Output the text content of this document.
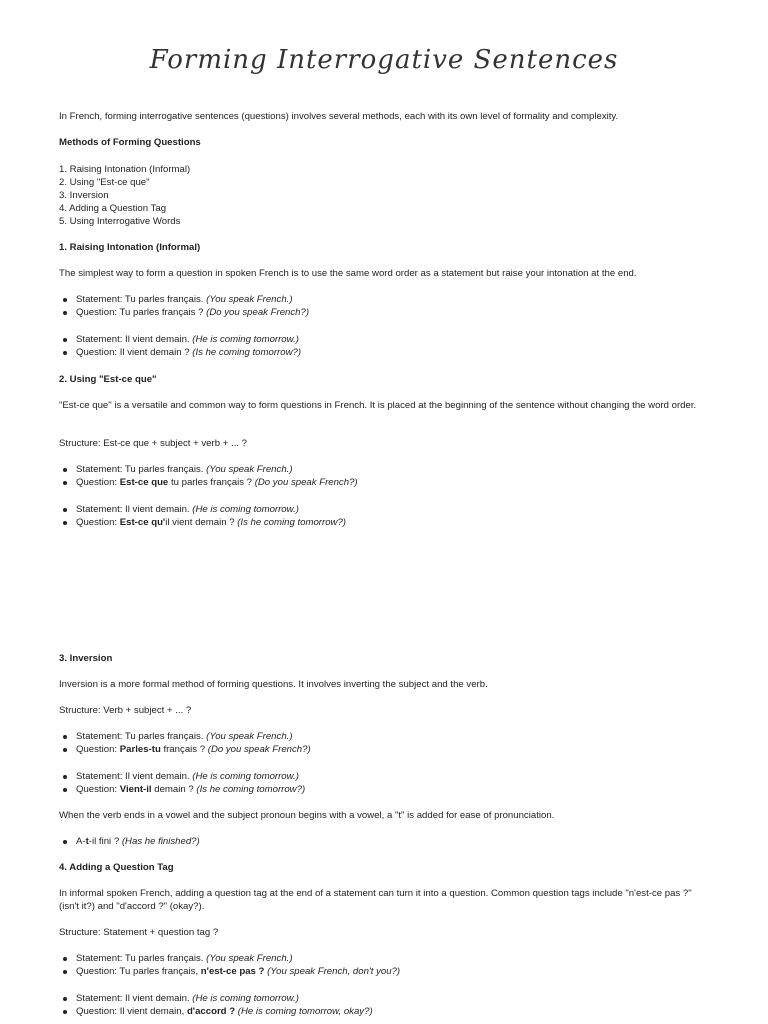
Forming Interrogative Sentences

In French, forming interrogative sentences (questions) involves several methods, each with its own level of formality and complexity.

Methods of Forming Questions

1. Raising Intonation (Informal)
2. Using "Est-ce que"
3. Inversion
4. Adding a Question Tag
5. Using Interrogative Words

1. Raising Intonation (Informal)

The simplest way to form a question in spoken French is to use the same word order as a statement but raise your intonation at the end.

Statement: Tu parles français. (You speak French.)
Question: Tu parles français ? (Do you speak French?)
Statement: Il vient demain. (He is coming tomorrow.)
Question: Il vient demain ? (Is he coming tomorrow?)

2. Using "Est-ce que"

"Est-ce que" is a versatile and common way to form questions in French. It is placed at the beginning of the sentence without changing the word order.

Structure: Est-ce que + subject + verb + ... ?

Statement: Tu parles français. (You speak French.)
Question: Est-ce que tu parles français ? (Do you speak French?)
Statement: Il vient demain. (He is coming tomorrow.)
Question: Est-ce qu'il vient demain ? (Is he coming tomorrow?)

3. Inversion

Inversion is a more formal method of forming questions. It involves inverting the subject and the verb.

Structure: Verb + subject + ... ?

Statement: Tu parles français. (You speak French.)
Question: Parles-tu français ? (Do you speak French?)
Statement: Il vient demain. (He is coming tomorrow.)
Question: Vient-il demain ? (Is he coming tomorrow?)

When the verb ends in a vowel and the subject pronoun begins with a vowel, a "t" is added for ease of pronunciation.

A-t-il fini ? (Has he finished?)

4. Adding a Question Tag

In informal spoken French, adding a question tag at the end of a statement can turn it into a question. Common question tags include "n'est-ce pas ?" (isn't it?) and "d'accord ?" (okay?).

Structure: Statement + question tag ?

Statement: Tu parles français. (You speak French.)
Question: Tu parles français, n'est-ce pas ? (You speak French, don't you?)
Statement: Il vient demain. (He is coming tomorrow.)
Question: Il vient demain, d'accord ? (He is coming tomorrow, okay?)
